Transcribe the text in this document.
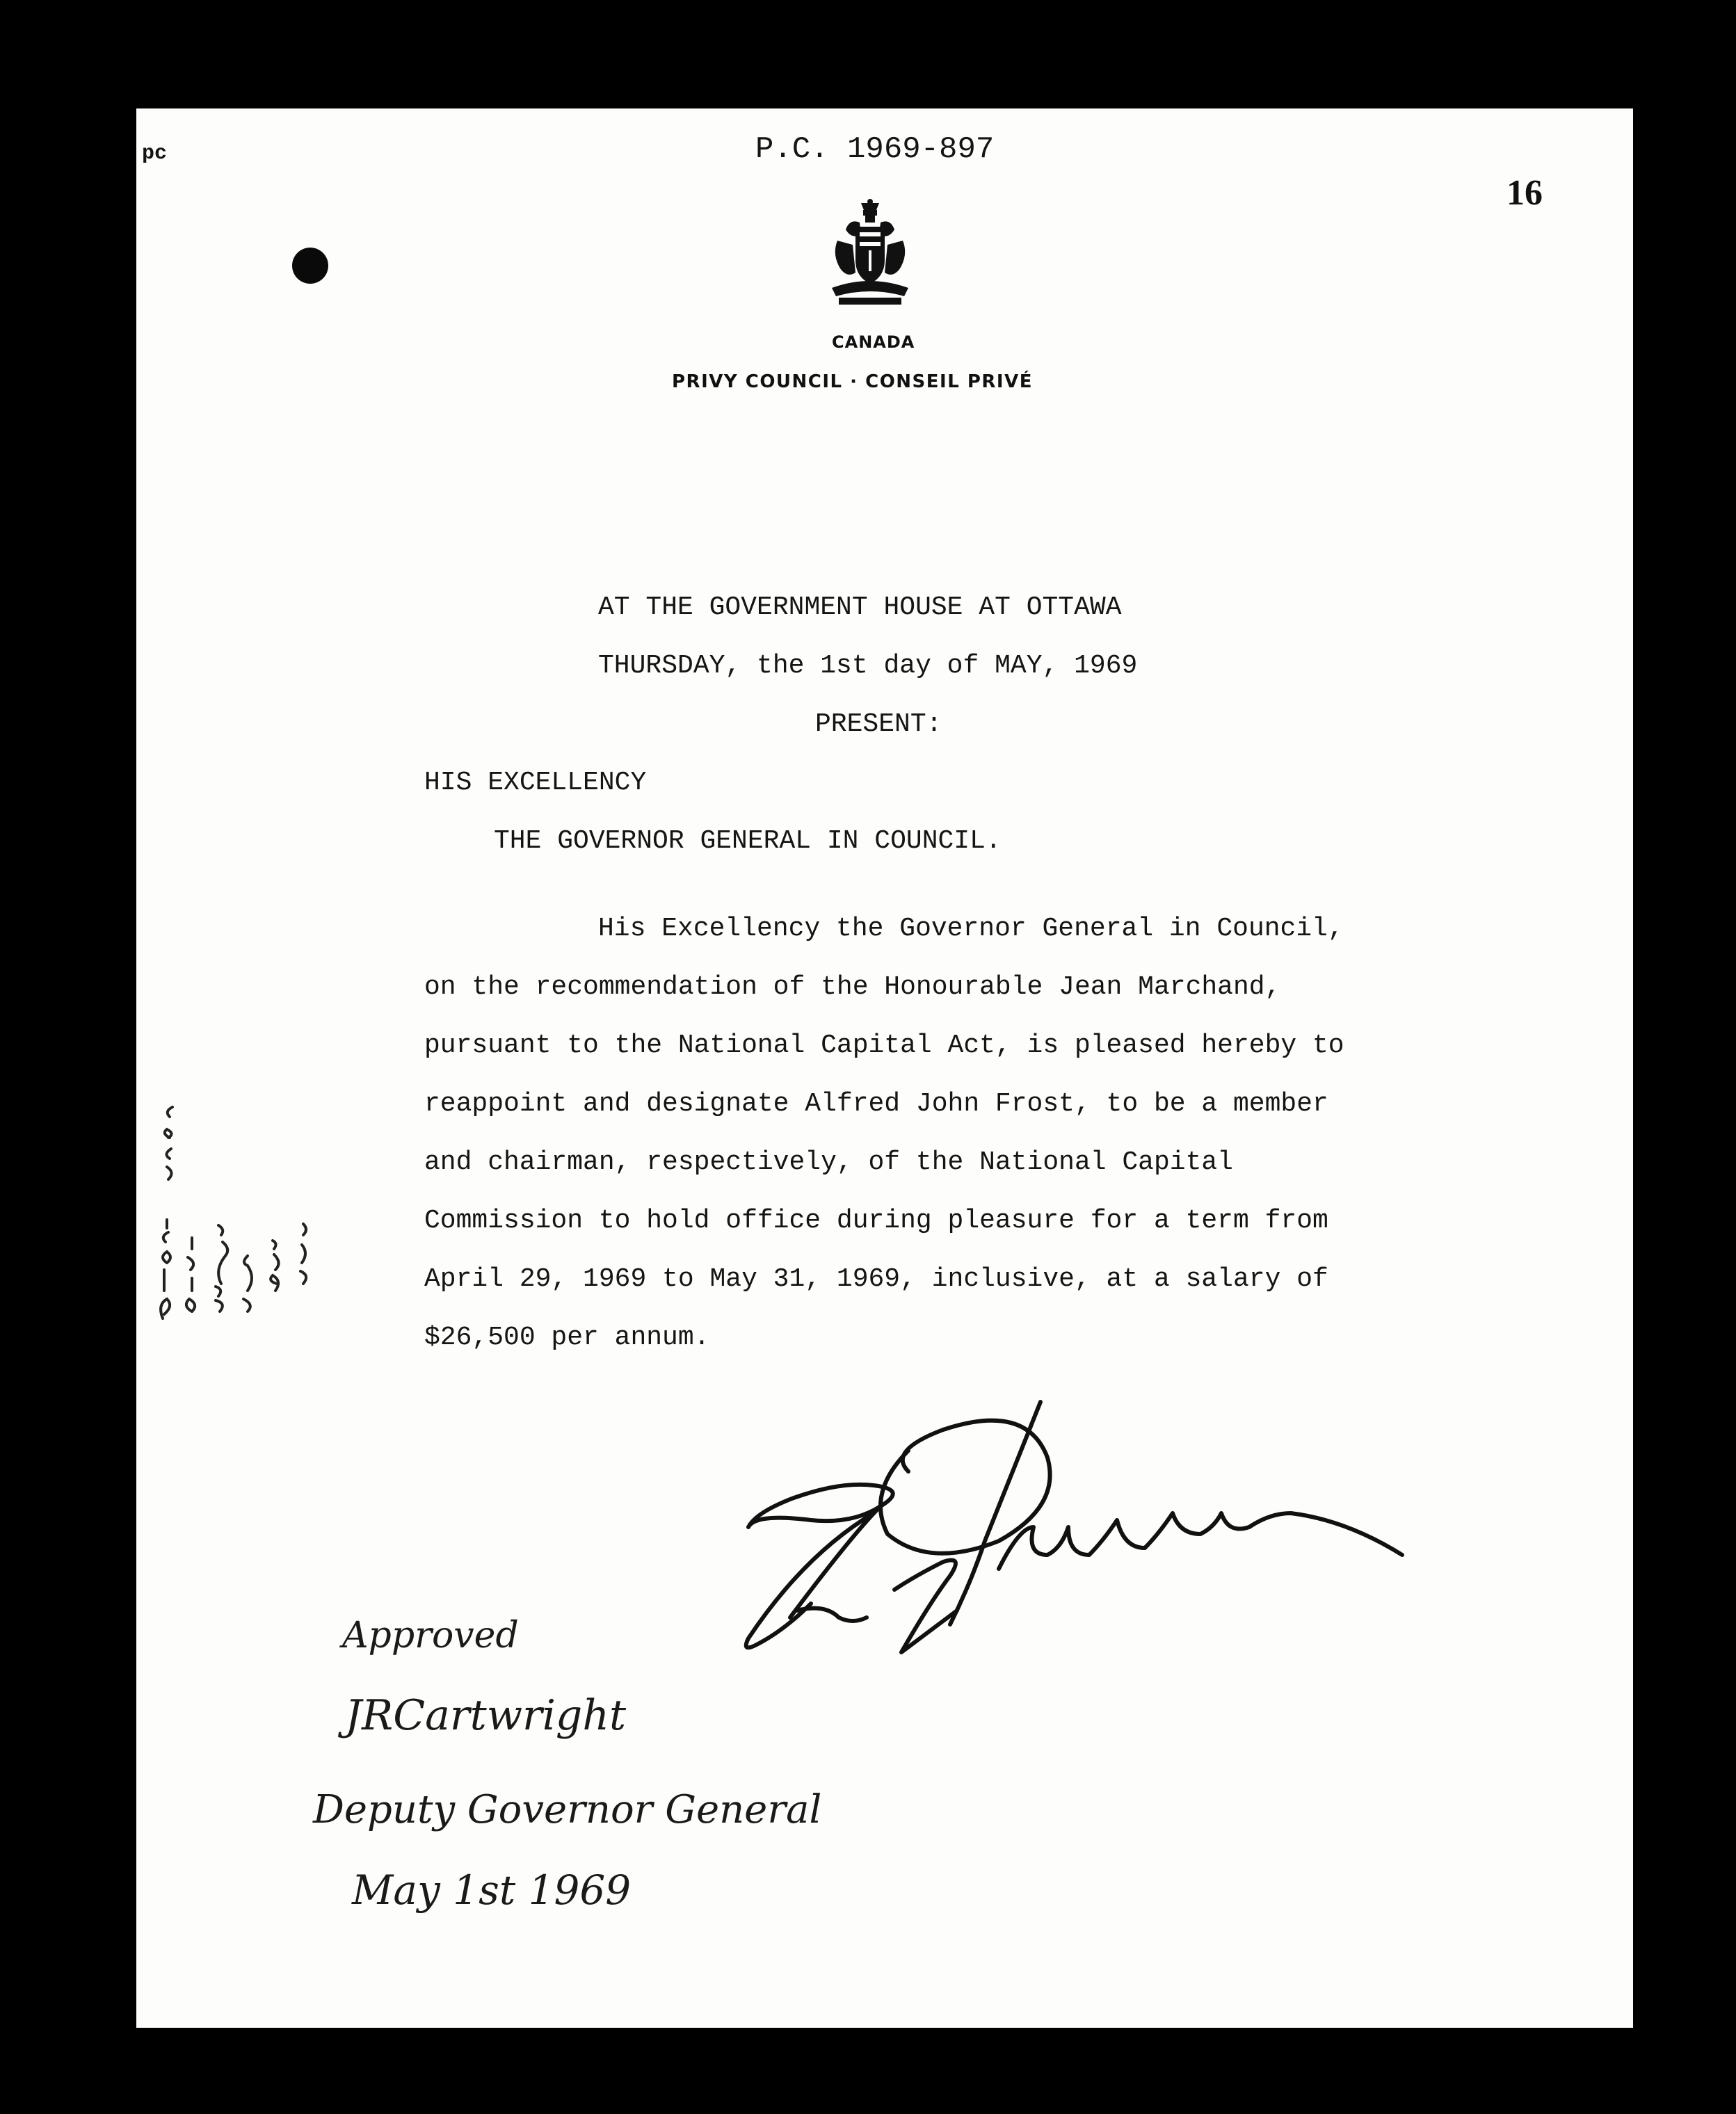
pc	P.C. 1969-897
16
CANADA
PRIVY COUNCIL · CONSEIL PRIVÉ
AT THE GOVERNMENT HOUSE AT OTTAWA
THURSDAY, the 1st day of MAY, 1969
PRESENT:
HIS EXCELLENCY
THE GOVERNOR GENERAL IN COUNCIL.
His Excellency the Governor General in Council,
on the recommendation of the Honourable Jean Marchand,
pursuant to the National Capital Act, is pleased hereby to
reappoint and designate Alfred John Frost, to be a member
and chairman, respectively, of the National Capital
Commission to hold office during pleasure for a term from
April 29, 1969 to May 31, 1969, inclusive, at a salary of
$26,500 per annum.
Approved
JRCartwright
Deputy Governor General
May 1st 1969
